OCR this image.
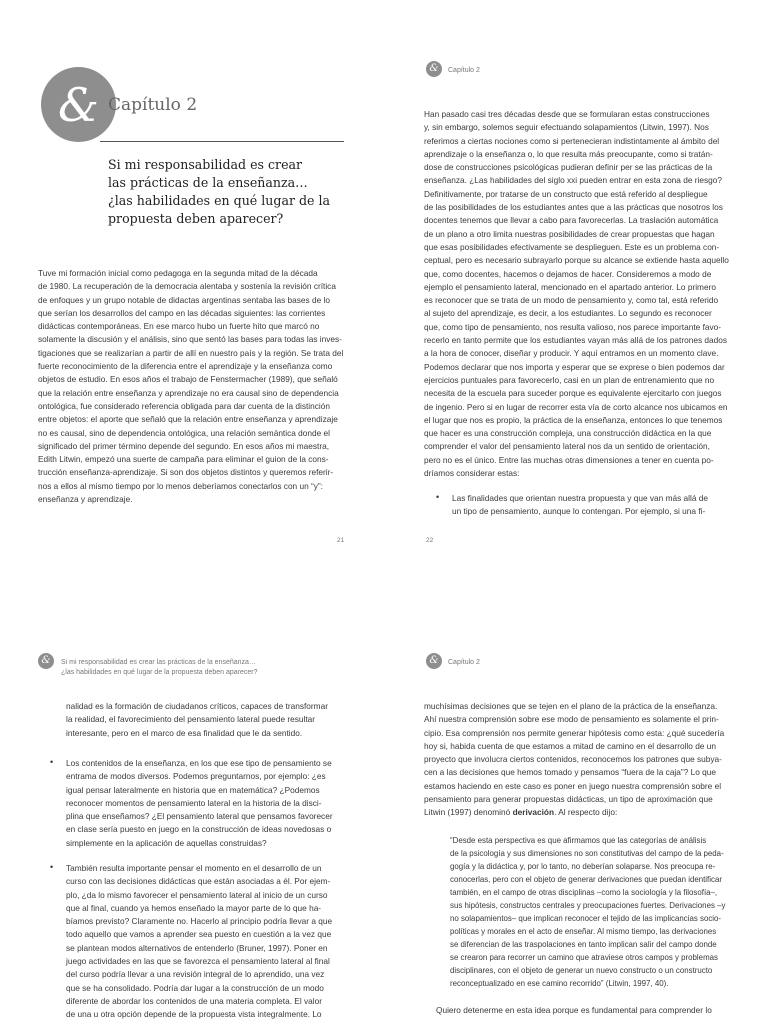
& Capítulo 2
Si mi responsabilidad es crear
las prácticas de la enseñanza…
¿las habilidades en qué lugar de la
propuesta deben aparecer?
Tuve mi formación inicial como pedagoga en la segunda mitad de la década
de 1980. La recuperación de la democracia alentaba y sostenía la revisión crítica
de enfoques y un grupo notable de didactas argentinas sentaba las bases de lo
que serían los desarrollos del campo en las décadas siguientes: las corrientes
didácticas contemporáneas. En ese marco hubo un fuerte hito que marcó no
solamente la discusión y el análisis, sino que sentó las bases para todas las inves-
tigaciones que se realizarían a partir de allí en nuestro país y la región. Se trata del
fuerte reconocimiento de la diferencia entre el aprendizaje y la enseñanza como
objetos de estudio. En esos años el trabajo de Fenstermacher (1989), que señaló
que la relación entre enseñanza y aprendizaje no era causal sino de dependencia
ontológica, fue considerado referencia obligada para dar cuenta de la distinción
entre objetos: el aporte que señaló que la relación entre enseñanza y aprendizaje
no es causal, sino de dependencia ontológica, una relación semántica donde el
significado del primer término depende del segundo. En esos años mi maestra,
Edith Litwin, empezó una suerte de campaña para eliminar el guion de la cons-
trucción enseñanza-aprendizaje. Si son dos objetos distintos y queremos referir-
nos a ellos al mismo tiempo por lo menos deberíamos conectarlos con un “y”:
enseñanza y aprendizaje.
21
&	Capítulo 2
Han pasado casi tres décadas desde que se formularan estas construcciones
y, sin embargo, solemos seguir efectuando solapamientos (Litwin, 1997). Nos
referimos a ciertas nociones como si pertenecieran indistintamente al ámbito del
aprendizaje o la enseñanza o, lo que resulta más preocupante, como si tratán-
dose de construcciones psicológicas pudieran definir per se las prácticas de la
enseñanza. ¿Las habilidades del siglo xxi pueden entrar en esta zona de riesgo?
Definitivamente, por tratarse de un constructo que está referido al despliegue
de las posibilidades de los estudiantes antes que a las prácticas que nosotros los
docentes tenemos que llevar a cabo para favorecerlas. La traslación automática
de un plano a otro limita nuestras posibilidades de crear propuestas que hagan
que esas posibilidades efectivamente se desplieguen. Este es un problema con-
ceptual, pero es necesario subrayarlo porque su alcance se extiende hasta aquello
que, como docentes, hacemos o dejamos de hacer. Consideremos a modo de
ejemplo el pensamiento lateral, mencionado en el apartado anterior. Lo primero
es reconocer que se trata de un modo de pensamiento y, como tal, está referido
al sujeto del aprendizaje, es decir, a los estudiantes. Lo segundo es reconocer
que, como tipo de pensamiento, nos resulta valioso, nos parece importante favo-
recerlo en tanto permite que los estudiantes vayan más allá de los patrones dados
a la hora de conocer, diseñar y producir. Y aquí entramos en un momento clave.
Podemos declarar que nos importa y esperar que se exprese o bien podemos dar
ejercicios puntuales para favorecerlo, casi en un plan de entrenamiento que no
necesita de la escuela para suceder porque es equivalente ejercitarlo con juegos
de ingenio. Pero si en lugar de recorrer esta vía de corto alcance nos ubicamos en
el lugar que nos es propio, la práctica de la enseñanza, entonces lo que tenemos
que hacer es una construcción compleja, una construcción didáctica en la que
comprender el valor del pensamiento lateral nos da un sentido de orientación,
pero no es el único. Entre las muchas otras dimensiones a tener en cuenta po-
dríamos considerar estas:
• Las finalidades que orientan nuestra propuesta y que van más allá de
un tipo de pensamiento, aunque lo contengan. Por ejemplo, si una fi-
22
&	Si mi responsabilidad es crear las prácticas de la enseñanza…
¿las habilidades en qué lugar de la propuesta deben aparecer?
nalidad es la formación de ciudadanos críticos, capaces de transformar
la realidad, el favorecimiento del pensamiento lateral puede resultar
interesante, pero en el marco de esa finalidad que le da sentido.
• Los contenidos de la enseñanza, en los que ese tipo de pensamiento se
entrama de modos diversos. Podemos preguntarnos, por ejemplo: ¿es
igual pensar lateralmente en historia que en matemática? ¿Podemos
reconocer momentos de pensamiento lateral en la historia de la disci-
plina que enseñamos? ¿El pensamiento lateral que pensamos favorecer
en clase sería puesto en juego en la construcción de ideas novedosas o
simplemente en la aplicación de aquellas construidas?
• También resulta importante pensar el momento en el desarrollo de un
curso con las decisiones didácticas que están asociadas a él. Por ejem-
plo, ¿da lo mismo favorecer el pensamiento lateral al inicio de un curso
que al final, cuando ya hemos enseñado la mayor parte de lo que ha-
bíamos previsto? Claramente no. Hacerlo al principio podría llevar a que
todo aquello que vamos a aprender sea puesto en cuestión a la vez que
se plantean modos alternativos de entenderlo (Bruner, 1997). Poner en
juego actividades en las que se favorezca el pensamiento lateral al final
del curso podría llevar a una revisión integral de lo aprendido, una vez
que se ha consolidado. Podría dar lugar a la construcción de un modo
diferente de abordar los contenidos de una materia completa. El valor
de una u otra opción depende de la propuesta vista integralmente. Lo
&	Capítulo 2
muchísimas decisiones que se tejen en el plano de la práctica de la enseñanza.
Ahí nuestra comprensión sobre ese modo de pensamiento es solamente el prin-
cipio. Esa comprensión nos permite generar hipótesis como esta: ¿qué sucedería
hoy si, habida cuenta de que estamos a mitad de camino en el desarrollo de un
proyecto que involucra ciertos contenidos, reconocemos los patrones que subya-
cen a las decisiones que hemos tomado y pensamos “fuera de la caja”? Lo que
estamos haciendo en este caso es poner en juego nuestra comprensión sobre el
pensamiento para generar propuestas didácticas, un tipo de aproximación que
Litwin (1997) denominó derivación. Al respecto dijo:
“Desde esta perspectiva es que afirmamos que las categorías de análisis
de la psicología y sus dimensiones no son constitutivas del campo de la peda-
gogía y la didáctica y, por lo tanto, no deberían solaparse. Nos preocupa re-
conocerlas, pero con el objeto de generar derivaciones que puedan identificar
también, en el campo de otras disciplinas –como la sociología y la filosofía–,
sus hipótesis, constructos centrales y preocupaciones fuertes. Derivaciones –y
no solapamientos– que implican reconocer el tejido de las implicancias socio-
políticas y morales en el acto de enseñar. Al mismo tiempo, las derivaciones
se diferencian de las traspolaciones en tanto implican salir del campo donde
se crearon para recorrer un camino que atraviese otros campos y problemas
disciplinares, con el objeto de generar un nuevo constructo o un constructo
reconceptualizado en ese camino recorrido” (Litwin, 1997, 40).
Quiero detenerme en esta idea porque es fundamental para comprender lo
